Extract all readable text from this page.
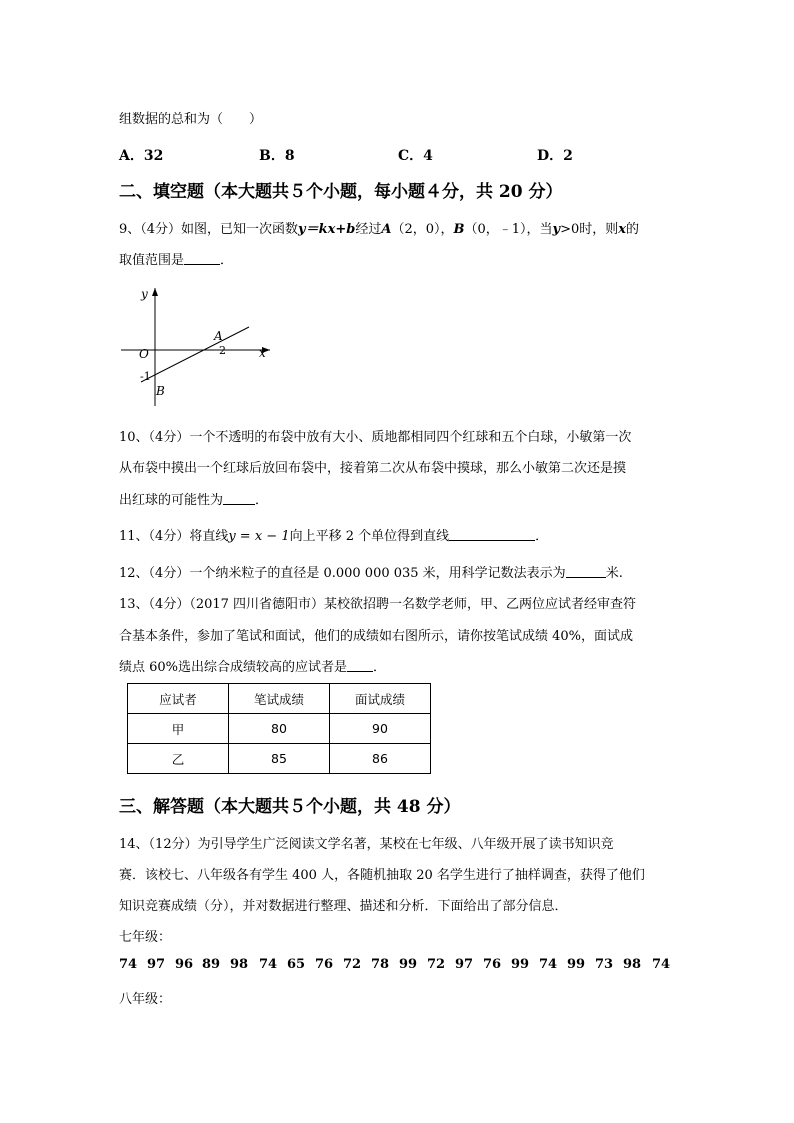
组数据的总和为（　　）
A．32	B．8	C．4	D．2
二、填空题（本大题共５个小题，每小题４分，共 20 分）
9、（4分）如图，已知一次函数y＝kx+b经过A（2，0），B（0，﹣1），当y>0时，则x的
取值范围是	．
y
x
O
A
2
-1
B
10、（4分）一个不透明的布袋中放有大小、质地都相同四个红球和五个白球，小敏第一次
从布袋中摸出一个红球后放回布袋中，接着第二次从布袋中摸球，那么小敏第二次还是摸
出红球的可能性为 ．
11、（4分）将直线y = x − 1向上平移 2 个单位得到直线	．
12、（4分）一个纳米粒子的直径是 0.000 000 035 米，用科学记数法表示为	米.
13、（4分）（2017 四川省德阳市）某校欲招聘一名数学老师，甲、乙两位应试者经审查符
合基本条件，参加了笔试和面试，他们的成绩如右图所示，请你按笔试成绩 40%，面试成
绩点 60%选出综合成绩较高的应试者是 ．
应试者	笔试成绩	面试成绩
甲	80	90
乙	85	86
三、解答题（本大题共５个小题，共 48 分）
14、（12分）为引导学生广泛阅读文学名著，某校在七年级、八年级开展了读书知识竞
赛．该校七、八年级各有学生 400 人，各随机抽取 20 名学生进行了抽样调查，获得了他们
知识竞赛成绩（分），并对数据进行整理、描述和分析．下面给出了部分信息．
七年级：
74 97 96 89 98 74 65 76 72 78 99 72 97 76 99 74 99 73 98 74
八年级：
